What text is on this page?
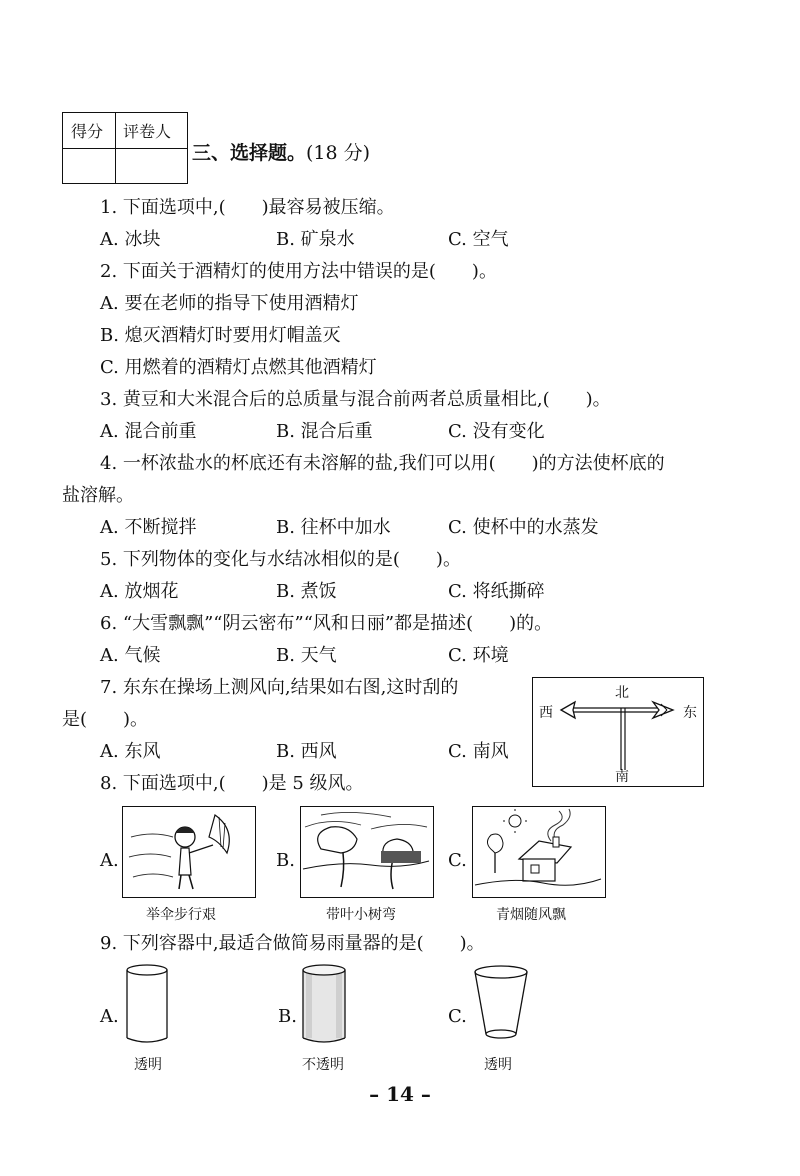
得分 评卷人
三、选择题。(18 分)
1. 下面选项中,( )最容易被压缩。
A. 冰块	B. 矿泉水	C. 空气
2. 下面关于酒精灯的使用方法中错误的是( )。
A. 要在老师的指导下使用酒精灯
B. 熄灭酒精灯时要用灯帽盖灭
C. 用燃着的酒精灯点燃其他酒精灯
3. 黄豆和大米混合后的总质量与混合前两者总质量相比,( )。
A. 混合前重	B. 混合后重	C. 没有变化
4. 一杯浓盐水的杯底还有未溶解的盐,我们可以用( )的方法使杯底的
盐溶解。
A. 不断搅拌	B. 往杯中加水	C. 使杯中的水蒸发
5. 下列物体的变化与水结冰相似的是( )。
A. 放烟花	B. 煮饭	C. 将纸撕碎
6. “大雪飘飘”“阴云密布”“风和日丽”都是描述( )的。
A. 气候	B. 天气	C. 环境
7. 东东在操场上测风向,结果如右图,这时刮的
是( )。
A. 东风	B. 西风	C. 南风
北
南
东
西
8. 下面选项中,( )是 5 级风。
A.	B.	C.
举伞步行艰	带叶小树弯	青烟随风飘
9. 下列容器中,最适合做简易雨量器的是( )。
A.	B.	C.
透明	不透明	透明
– 14 –
